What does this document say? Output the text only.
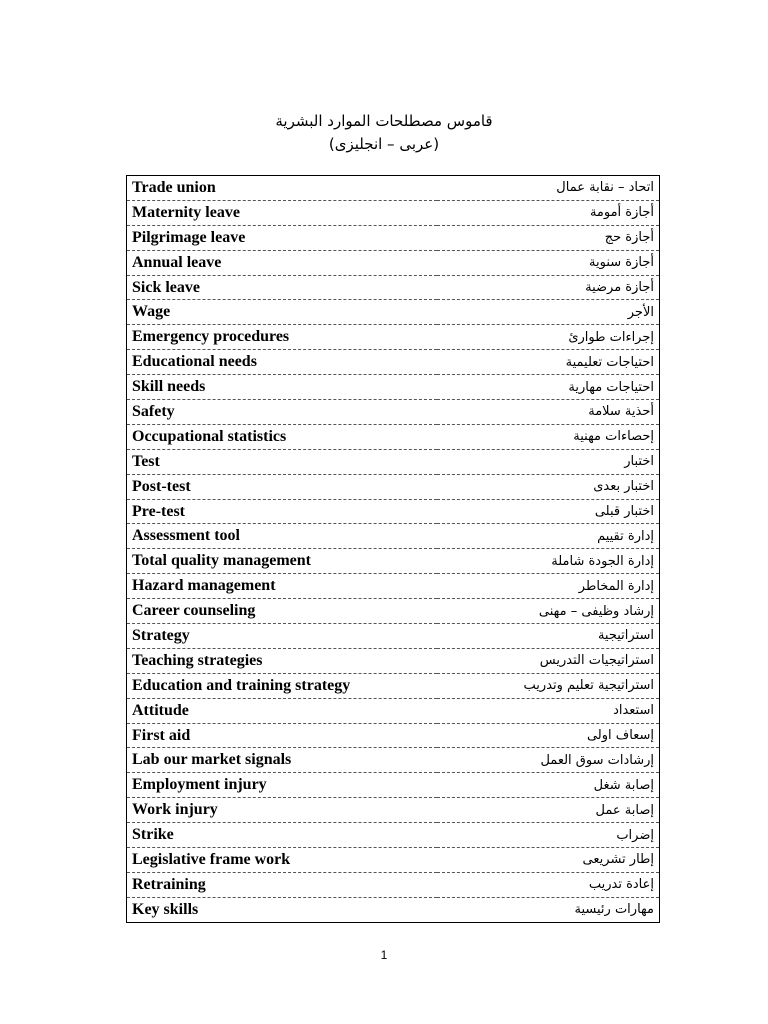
قاموس مصطلحات الموارد البشرية
(عربى – انجليزى)
Trade union	اتحاد – نقابة عمال
Maternity leave	أجازة أمومة
Pilgrimage leave	أجازة حج
Annual leave	أجازة سنوية
Sick leave	أجازة مرضية
Wage	الأجر
Emergency procedures	إجراءات طوارئ
Educational needs	احتياجات تعليمية
Skill needs	احتياجات مهارية
Safety	أحذية سلامة
Occupational statistics	إحصاءات مهنية
Test	اختبار
Post-test	اختبار بعدى
Pre-test	اختبار قبلى
Assessment tool	إدارة تقييم
Total quality management	إدارة الجودة شاملة
Hazard management	إدارة المخاطر
Career counseling	إرشاد وظيفى – مهنى
Strategy	استراتيجية
Teaching strategies	استراتيجيات التدريس
Education and training strategy	استراتيجية تعليم وتدريب
Attitude	استعداد
First aid	إسعاف اولى
Lab our market signals	إرشادات سوق العمل
Employment injury	إصابة شغل
Work injury	إصابة عمل
Strike	إضراب
Legislative frame work	إطار تشريعى
Retraining	إعادة تدريب
Key skills	مهارات رئيسية
1
